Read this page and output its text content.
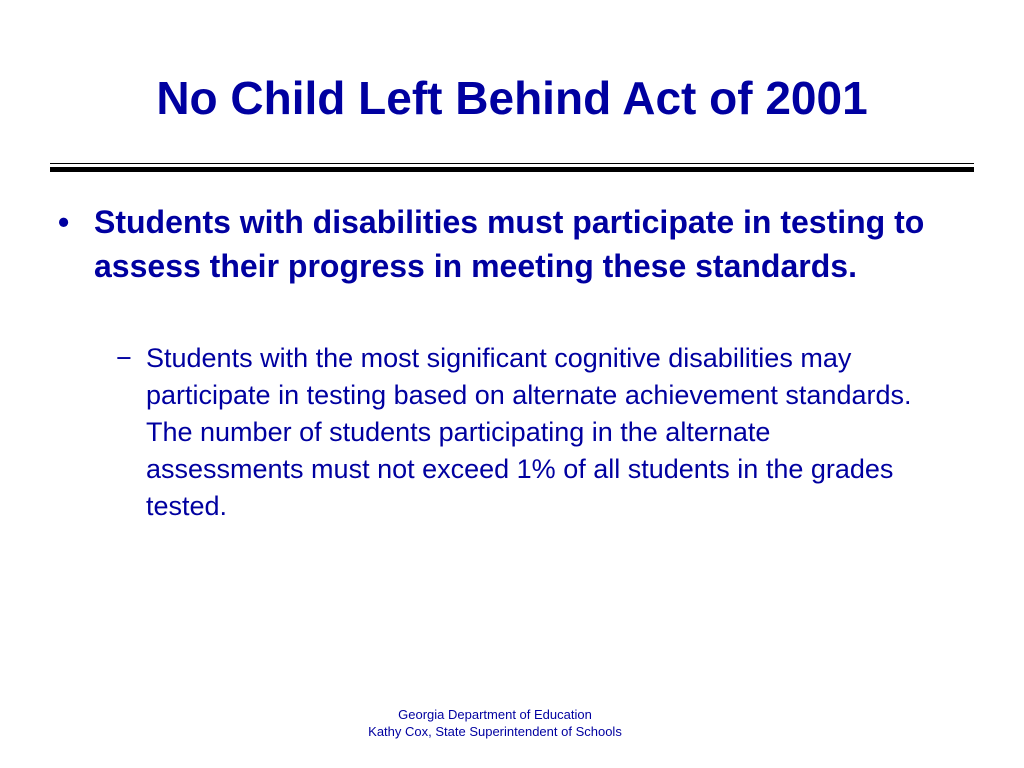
No Child Left Behind Act of 2001
• Students with disabilities must participate in testing to assess their progress in meeting these standards.
− Students with the most significant cognitive disabilities may participate in testing based on alternate achievement standards.   The number of students participating in the alternate assessments must not exceed 1% of all students in the grades tested.
Georgia Department of Education
Kathy Cox, State Superintendent of Schools
